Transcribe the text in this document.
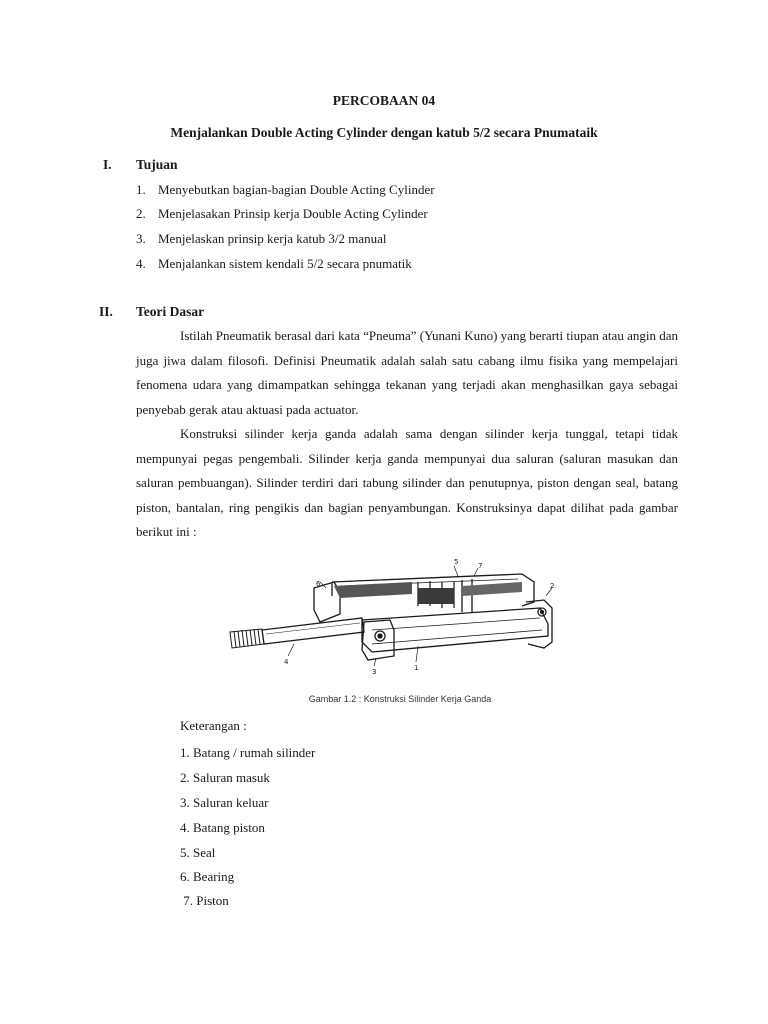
PERCOBAAN 04
Menjalankan Double Acting Cylinder dengan katub 5/2 secara Pnumataik
I. Tujuan
1. Menyebutkan bagian-bagian Double Acting Cylinder
2. Menjelasakan Prinsip kerja Double Acting Cylinder
3. Menjelaskan prinsip kerja katub 3/2 manual
4. Menjalankan sistem kendali 5/2 secara pnumatik
II. Teori Dasar

Istilah Pneumatik berasal dari kata “Pneuma” (Yunani Kuno) yang berarti tiupan atau angin dan juga jiwa dalam filosofi. Definisi Pneumatik adalah salah satu cabang ilmu fisika yang mempelajari fenomena udara yang dimampatkan sehingga tekanan yang terjadi akan menghasilkan gaya sebagai penyebab gerak atau aktuasi pada actuator.

Konstruksi silinder kerja ganda adalah sama dengan silinder kerja tunggal, tetapi tidak mempunyai pegas pengembali. Silinder kerja ganda mempunyai dua saluran (saluran masukan dan saluran pembuangan). Silinder terdiri dari tabung silinder dan penutupnya, piston dengan seal, batang piston, bantalan, ring pengikis dan bagian penyambungan. Konstruksinya dapat dilihat pada gambar berikut ini :

5	7
6	2
4
3	1
Gambar 1.2 : Konstruksi Silinder Kerja Ganda
Keterangan :
1. Batang / rumah silinder
2. Saluran masuk
3. Saluran keluar
4. Batang piston
5. Seal
6. Bearing
7. Piston
